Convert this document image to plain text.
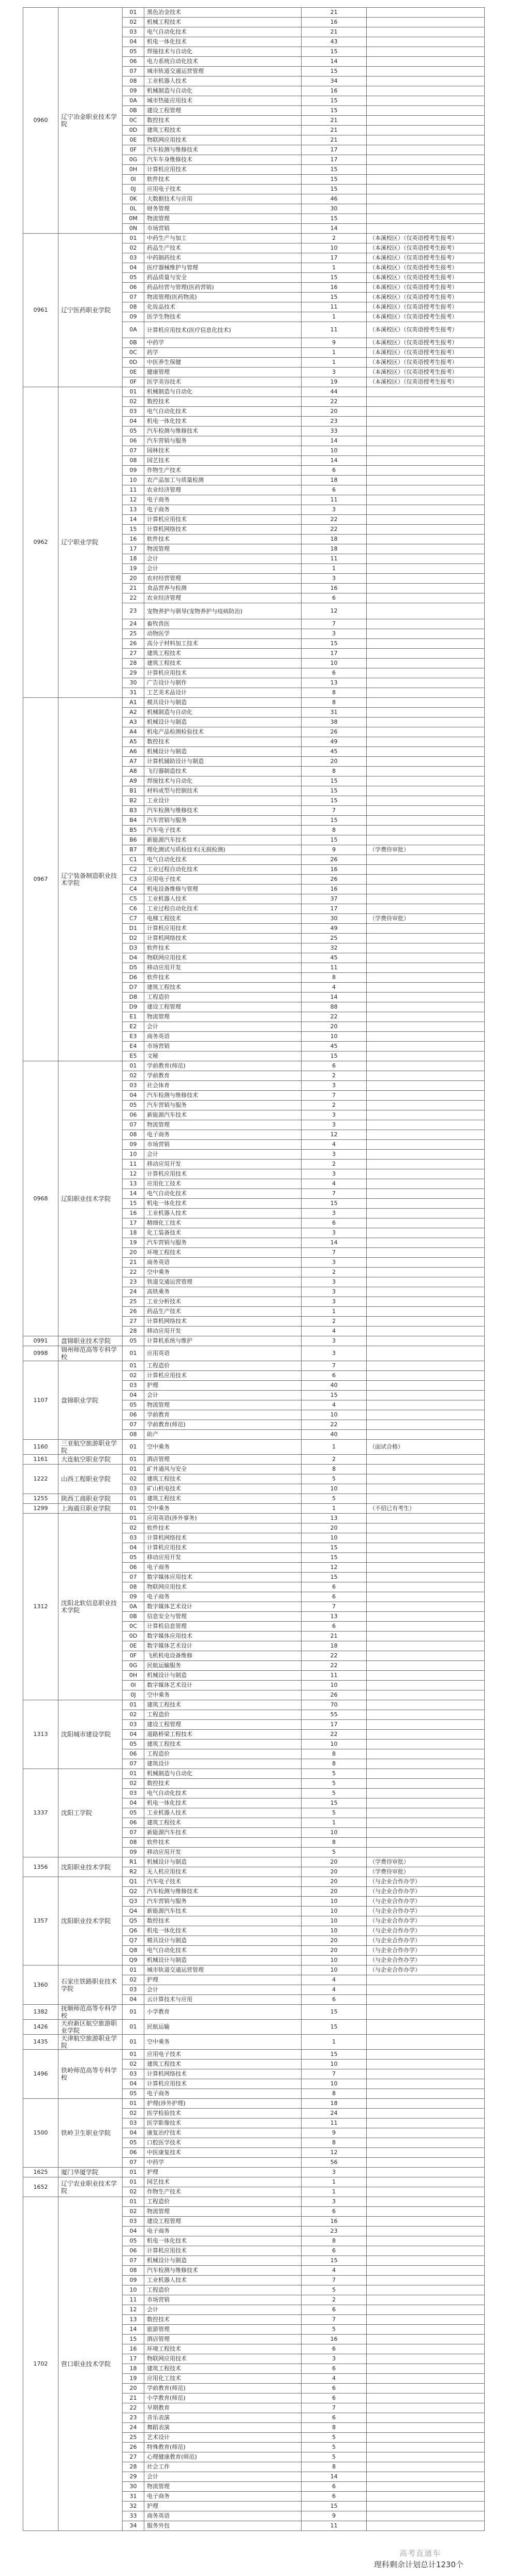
0960	辽宁冶金职业技术学院	01	黑色冶金技术	21	
		02	机械工程技术	16	
		03	电气自动化技术	21	
		04	机电一体化技术	43	
		05	焊接技术与自动化	15	
		06	电力系统自动化技术	14	
		07	城市轨道交通运营管理	15	
		08	工业机器人技术	34	
		09	机械制造与自动化	16	
		0A	城市热能应用技术	15	
		0B	建设工程管理	15	
		0C	数控技术	21	
		0D	建筑工程技术	21	
		0E	物联网应用技术	21	
		0F	汽车检测与维修技术	17	
		0G	汽车车身维修技术	17	
		0H	计算机应用技术	15	
		0I	软件技术	15	
		0J	应用电子技术	15	
		0K	大数据技术与应用	46	
		0L	财务管理	30	
		0M	物流管理	15	
		0N	市场营销	14	
0961	辽宁医药职业学院	01	中药生产与加工	2	（本溪校区）（仅英语授考生报考）
		02	药品生产技术	10	（本溪校区）（仅英语授考生报考）
		03	中药制药技术	17	（本溪校区）（仅英语授考生报考）
		04	医疗器械维护与管理	1	（本溪校区）（仅英语授考生报考）
		05	药品质量与安全	15	（本溪校区）（仅英语授考生报考）
		06	药品经营与管理(医药营销)	16	（本溪校区）（仅英语授考生报考）
		07	物流管理(医药物流)	15	（本溪校区）（仅英语授考生报考）
		08	化妆品技术	11	（本溪校区）（仅英语授考生报考）
		09	医学生物技术	1	（本溪校区）（仅英语授考生报考）
		0A	计算机应用技术(医疗信息化技术)	11	（本溪校区）（仅英语授考生报考）
		0B	中药学	9	（本溪校区）（仅英语授考生报考）
		0C	药学	1	（本溪校区）（仅英语授考生报考）
		0D	中医养生保健	1	（本溪校区）（仅英语授考生报考）
		0E	健康管理	3	（本溪校区）（仅英语授考生报考）
		0F	医学美容技术	19	（本溪校区）（仅英语授考生报考）
0962	辽宁职业学院	01	机械制造与自动化	44	
		02	数控技术	22	
		03	电气自动化技术	20	
		04	机电一体化技术	23	
		05	汽车检测与维修技术	33	
		06	汽车营销与服务	14	
		07	园林技术	10	
		08	园艺技术	14	
		09	作物生产技术	6	
		10	农产品加工与质量检测	18	
		11	农业经济管理	6	
		12	电子商务	11	
		13	电子商务	3	
		14	计算机应用技术	22	
		15	计算机网络技术	22	
		16	软件技术	18	
		17	物流管理	18	
		18	会计	11	
		19	会计	1	
		20	农村经营管理	3	
		21	食品营养与检测	16	
		22	农业经济管理	6	
		23	宠物养护与驯导(宠物养护与疫病防治)	12	
		24	畜牧兽医	7	
		25	动物医学	3	
		26	高分子材料加工技术	15	
		27	建筑工程技术	17	
		28	建筑工程技术	10	
		29	计算机应用技术	6	
		30	广告设计与制作	13	
		31	工艺美术品设计	8	
0967	辽宁装备制造职业技术学院	A1	模具设计与制造	8	
		A2	机械制造与自动化	31	
		A3	机械设计与制造	38	
		A4	机电产品检测检验技术	26	
		A5	数控技术	49	
		A6	机械设计与制造	45	
		A7	计算机辅助设计与制造	20	
		A8	飞行器制造技术	8	
		A9	焊接技术与自动化	15	
		B1	材料成型与控制技术	15	
		B2	工业设计	15	
		B3	汽车检测与维修技术	7	
		B4	汽车营销与服务	15	
		B5	汽车电子技术	8	
		B6	新能源汽车技术	15	
		B7	理化测试与质检技术(无损检测)	9	（学费待审批）
		C1	电气自动化技术	26	
		C2	工业过程自动化技术	16	
		C3	应用电子技术	26	
		C4	机电设备维修与管理	16	
		C5	工业机器人技术	37	
		C6	工业过程自动化技术	17	
		C7	电梯工程技术	30	（学费待审批）
		D1	计算机应用技术	49	
		D2	计算机网络技术	25	
		D3	软件技术	32	
		D4	物联网应用技术	45	
		D5	移动应用开发	11	
		D6	软件技术	8	
		D7	建筑工程技术	4	
		D8	工程造价	14	
		D9	建设工程管理	88	
		E1	物流管理	22	
		E2	会计	20	
		E3	商务英语	10	
		E4	市场营销	45	
		E5	文秘	15	
0968	辽阳职业技术学院	01	学前教育(师范)	6	
		02	学前教育	2	
		03	社会体育	3	
		04	汽车检测与维修技术	7	
		05	汽车营销与服务	2	
		06	新能源汽车技术	3	
		07	物流管理	3	
		08	电子商务	12	
		09	市场营销	4	
		10	会计	3	
		11	移动应用开发	2	
		12	计算机应用技术	3	
		13	应用化工技术	4	
		14	电气自动化技术	7	
		15	机电一体化技术	15	
		16	工业机器人技术	3	
		17	精细化工技术	6	
		18	化工装备技术	3	
		19	汽车营销与服务	14	
		20	环境工程技术	7	
		21	商务英语	3	
		22	空中乘务	2	
		23	铁道交通运营管理	3	
		24	高铁乘务	3	
		25	工业分析技术	3	
		26	药品生产技术	1	
		27	计算机网络技术	2	
		28	移动应用开发	4	
0991	盘锦职业技术学院	05	计算机系统与维护	3	
0998	锦州师范高等专科学校	01	应用英语	3	
1107	盘锦职业学院	01	工程造价	7	
		02	计算机应用技术	6	
		03	护理	40	
		04	会计	15	
		05	物流管理	4	
		06	学前教育	10	
		07	学前教育(师范)	22	
		08	助产	40	
1160	三亚航空旅游职业学院	01	空中乘务	1	（面试合格）
1161	大连航空职业学院	01	酒店管理	2	
1222	山西工程职业学院	01	矿井通风与安全	8	
		02	建筑工程技术	5	
		03	矿山机电技术	10	
1255	陕西工商职业学院	01	建筑工程技术	5	
1299	上海震旦职业学院	01	空中乘务	1	（不招已有考生）
1312	沈阳北软信息职业技术学院	01	应用英语(涉外事务)	13	
		02	软件技术	20	
		03	计算机网络技术	10	
		04	计算机应用技术	15	
		05	移动应用开发	15	
		06	电子商务	12	
		07	数字媒体应用技术	15	
		08	物联网应用技术	6	
		09	电子商务	6	
		0A	数字媒体艺术设计	7	
		0B	信息安全与管理	13	
		0C	计算机信息管理	6	
		0D	数字媒体应用技术	21	
		0E	数字媒体艺术设计	18	
		0F	飞机机电设备维修	22	
		0G	民航运输服务	22	
		0H	机械设计与制造	11	
		0I	数字媒体艺术设计	10	
		0J	空中乘务	26	
1313	沈阳城市建设学院	01	建筑工程技术	70	
		02	工程造价	55	
		03	建设工程管理	17	
		04	道路桥梁工程技术	22	
		05	建筑工程技术	10	
		06	工程造价	8	
		07	建筑设计	8	
1337	沈阳工学院	01	机械制造与自动化	5	
		02	数控技术	5	
		03	电气自动化技术	5	
		04	机电一体化技术	15	
		05	工业机器人技术	5	
		06	建筑工程技术	1	
		07	新能源汽车技术	10	
		08	软件技术	8	
		09	移动应用开发	5	
1356	沈阳职业技术学院	R1	机械设计与制造	20	（学费待审批）
		R2	无人机应用技术	20	（学费待审批）
1357	沈阳职业技术学院	Q1	汽车电子技术	20	（与企业合作办学）
		Q2	汽车检测与维修技术	20	（与企业合作办学）
		Q3	汽车营销与服务	10	（与企业合作办学）
		Q4	新能源汽车技术	10	（与企业合作办学）
		Q5	数控技术	10	（与企业合作办学）
		Q6	机电一体化技术	10	（与企业合作办学）
		Q7	模具设计与制造	20	（与企业合作办学）
		Q8	电气自动化技术	20	（与企业合作办学）
		Q9	机械设计与制造	10	（与企业合作办学）
1360	石家庄铁路职业技术学院	01	城市轨道交通运营管理	10	（与企业合作办学）
		02	护理	4	
		03	会计	4	
		04	云计算技术与应用	6	
1382	抚顺师范高等专科学校	01	小学教育	15	
1426	天府新区航空旅游职业学院	01	民航运输	15	
1435	天津航空旅游职业学院	01	空中乘务	1	
1496	铁岭师范高等专科学校	01	应用电子技术	15	
		02	建筑工程技术	10	
		03	计算机网络技术	7	
		04	计算机应用技术	10	
		05	电子商务	8	
1500	铁岭卫生职业学院	01	护理(涉外护理)	18	
		02	医学检验技术	24	
		03	医学影像技术	11	
		04	康复治疗技术	9	
		05	口腔医学技术	8	
		06	中医康复技术	12	
		07	中药学	56	
1625	厦门华厦学院	01	护理	3	
1652	辽宁农业职业技术学院	01	园艺技术	1	
		02	作物生产技术	1	
1702	营口职业技术学院	01	工程造价	3	
		02	物流管理	6	
		03	建设工程管理	16	
		04	电子商务	23	
		05	机电一体化技术	8	
		06	计算机应用技术	6	
		07	机械设计与制造	15	
		08	汽车检测与维修技术	4	
		09	工业机器人技术	7	
		10	工程造价	5	
		11	市场营销	2	
		12	会计	6	
		13	数控技术	7	
		14	旅游管理	5	
		15	酒店管理	16	
		16	环境工程技术	6	
		17	物联网应用技术	3	
		18	建筑工程技术	6	
		19	应用化工技术	4	
		20	学前教育(师范)	6	
		21	小学教育(师范)	6	
		22	早期教育	7	
		23	音乐表演	6	
		24	舞蹈表演	8	
		25	艺术设计	5	
		26	特殊教育(师范)	5	
		27	心理健康教育(师范)	5	
		28	社会工作	8	
		29	会计	14	
		30	物流管理	6	
		31	电子商务	6	
		32	护理	15	
		33	商务英语	9	
		34	服务外包	11	
高考直通车
理科剩余计划总计1230个
